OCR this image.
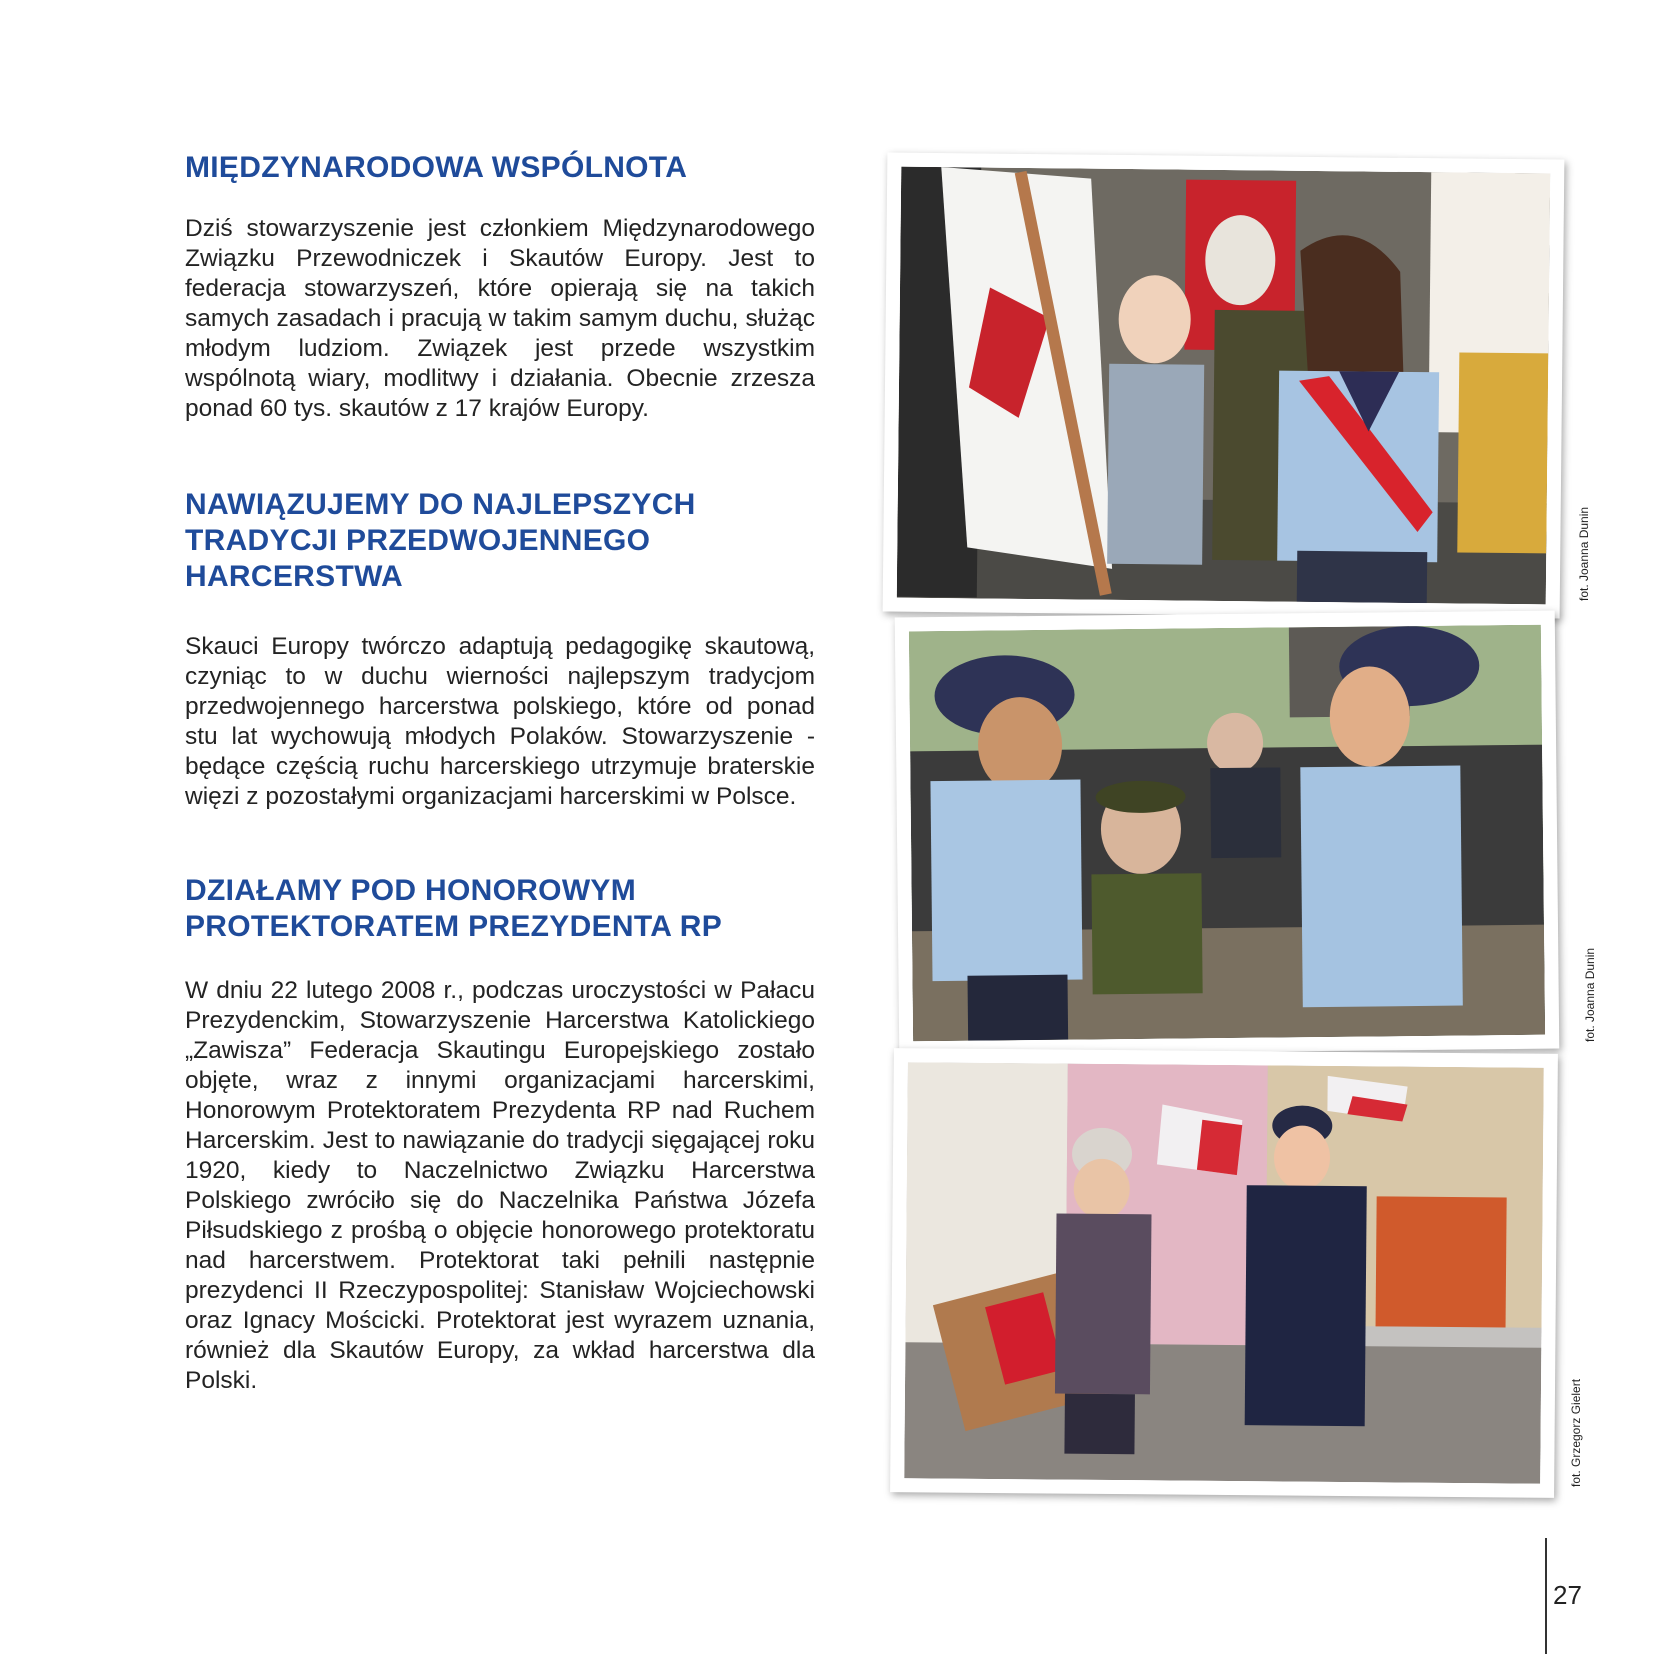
MIĘDZYNARODOWA WSPÓLNOTA

Dziś stowarzyszenie jest członkiem Międzynarodowego Związku Przewodniczek i Skautów Europy. Jest to federacja stowarzyszeń, które opierają się na takich samych zasadach i pracują w takim samym duchu, służąc młodym ludziom. Związek jest przede wszystkim wspólnotą wiary, modlitwy i działania. Obecnie zrzesza ponad 60 tys. skautów z 17 krajów Europy.

NAWIĄZUJEMY DO NAJLEPSZYCH TRADYCJI PRZEDWOJENNEGO HARCERSTWA

Skauci Europy twórczo adaptują pedagogikę skautową, czyniąc to w duchu wierności najlepszym tradycjom przedwojennego harcerstwa polskiego, które od ponad stu lat wychowują młodych Polaków. Stowarzyszenie - będące częścią ruchu harcerskiego utrzymuje braterskie więzi z pozostałymi organizacjami harcerskimi w Polsce.

DZIAŁAMY POD HONOROWYM PROTEKTORATEM PREZYDENTA RP

W dniu 22 lutego 2008 r., podczas uroczystości w Pałacu Prezydenckim, Stowarzyszenie Harcerstwa Katolickiego „Zawisza” Federacja Skautingu Europejskiego zostało objęte, wraz z innymi organizacjami harcerskimi, Honorowym Protektoratem Prezydenta RP nad Ruchem Harcerskim. Jest to nawiązanie do tradycji sięgającej roku 1920, kiedy to Naczelnictwo Związku Harcerstwa Polskiego zwróciło się do Naczelnika Państwa Józefa Piłsudskiego z prośbą o objęcie honorowego protektoratu nad harcerstwem. Protektorat taki pełnili następnie prezydenci II Rzeczypospolitej: Stanisław Wojciechowski oraz Ignacy Mościcki. Protektorat jest wyrazem uznania, również dla Skautów Europy, za wkład harcerstwa dla Polski.

fot. Joanna Dunin
fot. Joanna Dunin
fot. Grzegorz Gielert
27
